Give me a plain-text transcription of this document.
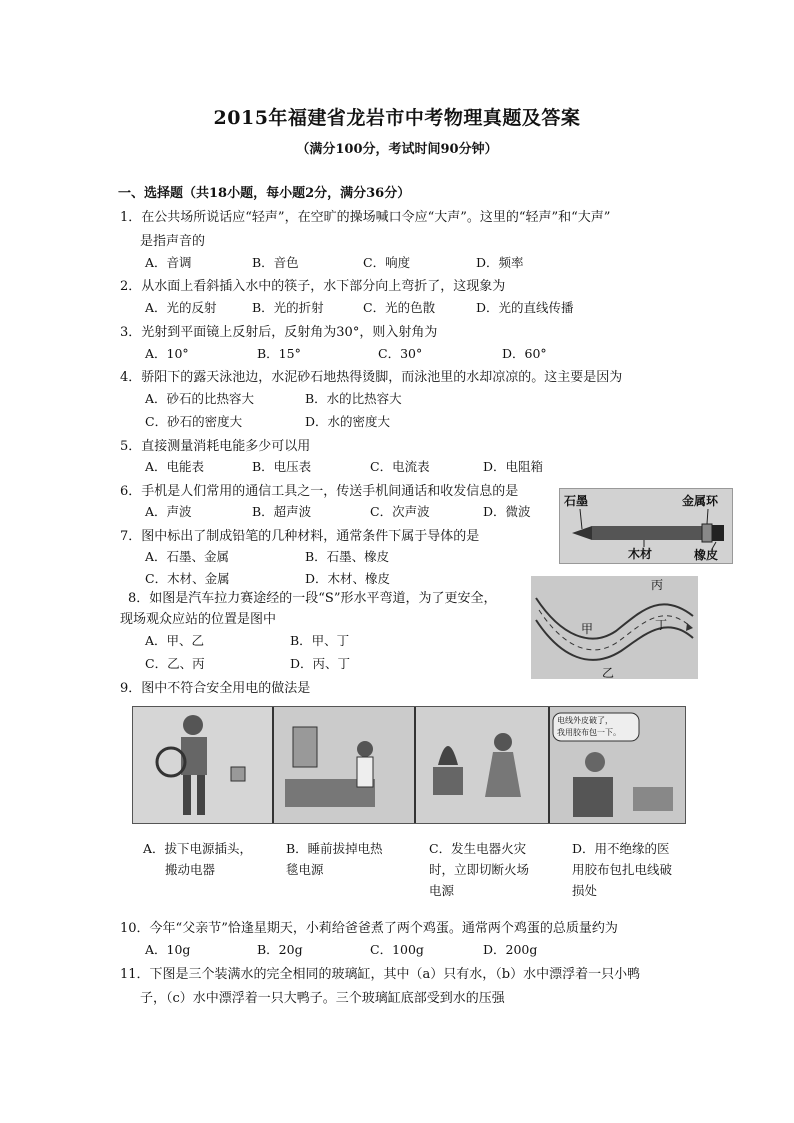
2015年福建省龙岩市中考物理真题及答案
（满分100分，考试时间90分钟）
一、选择题（共18小题，每小题2分，满分36分）
1．在公共场所说话应“轻声”，在空旷的操场喊口令应“大声”。这里的“轻声”和“大声”
是指声音的
A．音调	B．音色	C．响度	D．频率
2．从水面上看斜插入水中的筷子，水下部分向上弯折了，这现象为
A．光的反射	B．光的折射	C．光的色散	D．光的直线传播
3．光射到平面镜上反射后，反射角为30°，则入射角为
A．10°	B．15°	C．30°	D．60°
4．骄阳下的露天泳池边，水泥砂石地热得烫脚，而泳池里的水却凉凉的。这主要是因为
A．砂石的比热容大	B．水的比热容大
C．砂石的密度大	D．水的密度大
5．直接测量消耗电能多少可以用
A．电能表	B．电压表	C．电流表	D．电阻箱
6．手机是人们常用的通信工具之一，传送手机间通话和收发信息的是
A．声波	B．超声波	C．次声波	D．微波
7．图中标出了制成铅笔的几种材料，通常条件下属于导体的是
A．石墨、金属	B．石墨、橡皮
C．木材、金属	D．木材、橡皮
石墨	金属环
木材	橡皮
8．如图是汽车拉力赛途经的一段“S”形水平弯道，为了更安全，
现场观众应站的位置是图中
A．甲、乙	B．甲、丁
C．乙、丙	D．丙、丁
甲
乙
丙
丁
9．图中不符合安全用电的做法是
电线外皮破了，
我用胶布包一下。
A．拔下电源插头，
搬动电器
B．睡前拔掉电热
毯电源
C．发生电器火灾
时，立即切断火场
电源
D．用不绝缘的医
用胶布包扎电线破
损处
10．今年“父亲节”恰逢星期天，小莉给爸爸煮了两个鸡蛋。通常两个鸡蛋的总质量约为
A．10g	B．20g	C．100g	D．200g
11．下图是三个装满水的完全相同的玻璃缸，其中（a）只有水，（b）水中漂浮着一只小鸭
子，（c）水中漂浮着一只大鸭子。三个玻璃缸底部受到水的压强
